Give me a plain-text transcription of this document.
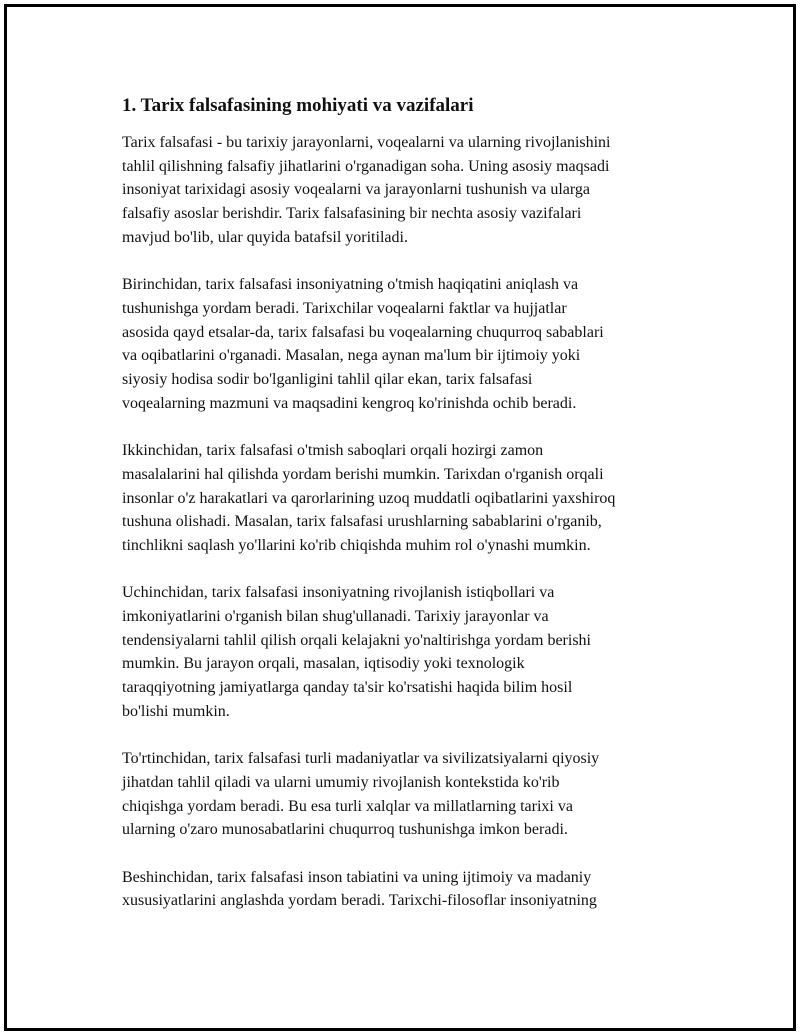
1. Tarix falsafasining mohiyati va vazifalari

Tarix falsafasi - bu tarixiy jarayonlarni, voqealarni va ularning rivojlanishini
tahlil qilishning falsafiy jihatlarini o'rganadigan soha. Uning asosiy maqsadi
insoniyat tarixidagi asosiy voqealarni va jarayonlarni tushunish va ularga
falsafiy asoslar berishdir. Tarix falsafasining bir nechta asosiy vazifalari
mavjud bo'lib, ular quyida batafsil yoritiladi.

Birinchidan, tarix falsafasi insoniyatning o'tmish haqiqatini aniqlash va
tushunishga yordam beradi. Tarixchilar voqealarni faktlar va hujjatlar
asosida qayd etsalar-da, tarix falsafasi bu voqealarning chuqurroq sabablari
va oqibatlarini o'rganadi. Masalan, nega aynan ma'lum bir ijtimoiy yoki
siyosiy hodisa sodir bo'lganligini tahlil qilar ekan, tarix falsafasi
voqealarning mazmuni va maqsadini kengroq ko'rinishda ochib beradi.

Ikkinchidan, tarix falsafasi o'tmish saboqlari orqali hozirgi zamon
masalalarini hal qilishda yordam berishi mumkin. Tarixdan o'rganish orqali
insonlar o'z harakatlari va qarorlarining uzoq muddatli oqibatlarini yaxshiroq
tushuna olishadi. Masalan, tarix falsafasi urushlarning sabablarini o'rganib,
tinchlikni saqlash yo'llarini ko'rib chiqishda muhim rol o'ynashi mumkin.

Uchinchidan, tarix falsafasi insoniyatning rivojlanish istiqbollari va
imkoniyatlarini o'rganish bilan shug'ullanadi. Tarixiy jarayonlar va
tendensiyalarni tahlil qilish orqali kelajakni yo'naltirishga yordam berishi
mumkin. Bu jarayon orqali, masalan, iqtisodiy yoki texnologik
taraqqiyotning jamiyatlarga qanday ta'sir ko'rsatishi haqida bilim hosil
bo'lishi mumkin.

To'rtinchidan, tarix falsafasi turli madaniyatlar va sivilizatsiyalarni qiyosiy
jihatdan tahlil qiladi va ularni umumiy rivojlanish kontekstida ko'rib
chiqishga yordam beradi. Bu esa turli xalqlar va millatlarning tarixi va
ularning o'zaro munosabatlarini chuqurroq tushunishga imkon beradi.

Beshinchidan, tarix falsafasi inson tabiatini va uning ijtimoiy va madaniy
xususiyatlarini anglashda yordam beradi. Tarixchi-filosoflar insoniyatning
